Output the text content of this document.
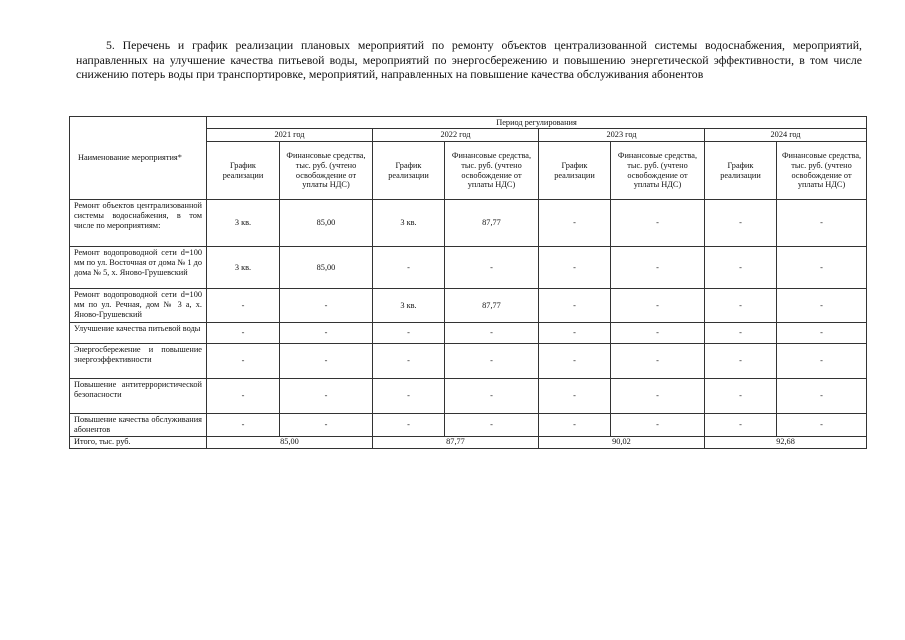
5. Перечень и график реализации плановых мероприятий по ремонту объектов централизованной системы водоснабжения, мероприятий, направленных на улучшение качества питьевой воды, мероприятий по энергосбережению и повышению энергетической эффективности, в том числе снижению потерь воды при транспортировке, мероприятий, направленных на повышение качества обслуживания абонентов

Наименование мероприятия*	Период регулирования							
	2021 год		2022 год		2023 год		2024 год	
	График реализации	Финансовые средства, тыс. руб. (учтено освобождение от уплаты НДС)	График реализации	Финансовые средства, тыс. руб. (учтено освобождение от уплаты НДС)	График реализации	Финансовые средства, тыс. руб. (учтено освобождение от уплаты НДС)	График реализации	Финансовые средства, тыс. руб. (учтено освобождение от уплаты НДС)
Ремонт объектов централизованной системы водоснабжения, в том числе по мероприятиям:	3 кв.	85,00	3 кв.	87,77	-	-	-	-
Ремонт водопроводной сети d=100 мм по ул. Восточная от дома № 1 до дома № 5, х. Яново-Грушевский	3 кв.	85,00	-	-	-	-	-	-
Ремонт водопроводной сети d=100 мм по ул. Речная, дом № 3 а, х. Яново-Грушевский	-	-	3 кв.	87,77	-	-	-	-
Улучшение качества питьевой воды	-	-	-	-	-	-	-	-
Энергосбережение и повышение энергоэффективности	-	-	-	-	-	-	-	-
Повышение антитеррористической безопасности	-	-	-	-	-	-	-	-
Повышение качества обслуживания абонентов	-	-	-	-	-	-	-	-
Итого, тыс. руб.	85,00		87,77		90,02		92,68	
